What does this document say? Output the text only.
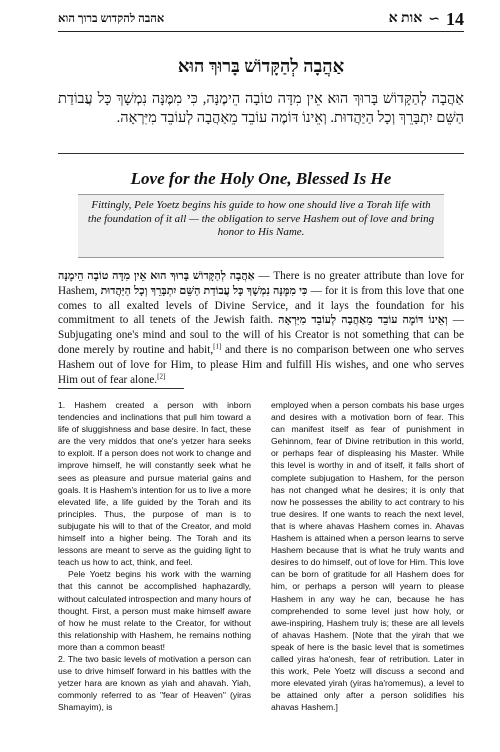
אהבה להקדוש ברוך הוא	אות א ∽ 14
אַהֲבָה לְהַקָּדוֹשׁ בָּרוּךְ הוּא
אַהֲבָה לְהַקָּדוֹשׁ בָּרוּךְ הוּא אֵין מִדָּה טוֹבָה הֵימֶנָּה, כִּי מִמֶּנָּה נִמְשָׁךְ כָּל עֲבוֹדַת הַשֵּׁם יִתְבָּרֵךְ וְכָל הַיַּהֲדוּת. וְאֵינוֹ דּוֹמֶה עוֹבֵד מֵאַהֲבָה לְעוֹבֵד מִיִּרְאָה.
Love for the Holy One, Blessed Is He
Fittingly, Pele Yoetz begins his guide to how one should live a Torah life with the foundation of it all — the obligation to serve Hashem out of love and bring honor to His Name.
אַהֲבָה לְהַקָּדוֹשׁ בָּרוּךְ הוּא אֵין מִדָּה טוֹבָה הֵימֶנָּה — There is no greater attribute than love for Hashem, כִּי מִמֶּנָּה נִמְשָׁךְ כָּל עֲבוֹדַת הַשֵּׁם יִתְבָּרֵךְ וְכָל הַיַּהֲדוּת — for it is from this love that one comes to all exalted levels of Divine Service, and it lays the foundation for his commitment to all tenets of the Jewish faith. וְאֵינוֹ דּוֹמֶה עוֹבֵד מֵאַהֲבָה לְעוֹבֵד מִיִּרְאָה — Subjugating one's mind and soul to the will of his Creator is not something that can be done merely by routine and habit,[1] and there is no comparison between one who serves Hashem out of love for Him, to please Him and fulfill His wishes, and one who serves Him out of fear alone.[2]

1. Hashem created a person with inborn tendencies and inclinations that pull him toward a life of sluggishness and base desire. In fact, these are the very middos that one's yetzer hara seeks to exploit. If a person does not work to change and improve himself, he will constantly seek what he sees as pleasure and pursue material gains and goals. It is Hashem's intention for us to live a more elevated life, a life guided by the Torah and its principles. Thus, the purpose of man is to subjugate his will to that of the Creator, and mold himself into a higher being. The Torah and its lessons are meant to serve as the guiding light to teach us how to act, think, and feel.

Pele Yoetz begins his work with the warning that this cannot be accomplished haphazardly, without calculated introspection and many hours of thought. First, a person must make himself aware of how he must relate to the Creator, for without this relationship with Hashem, he remains nothing more than a common beast!

2. The two basic levels of motivation a person can use to drive himself forward in his battles with the yetzer hara are known as yiah and ahavah. Yiah, commonly referred to as "fear of Heaven" (yiras Shamayim), is

employed when a person combats his base urges and desires with a motivation born of fear. This can manifest itself as fear of punishment in Gehinnom, fear of Divine retribution in this world, or perhaps fear of displeasing his Master. While this level is worthy in and of itself, it falls short of complete subjugation to Hashem, for the person has not changed what he desires; it is only that now he possesses the ability to act contrary to his true desires. If one wants to reach the next level, that is where ahavas Hashem comes in. Ahavas Hashem is attained when a person learns to serve Hashem because that is what he truly wants and desires to do himself, out of love for Him. This love can be born of gratitude for all Hashem does for him, or perhaps a person will yearn to please Hashem in any way he can, because he has comprehended to some level just how holy, or awe-inspiring, Hashem truly is; these are all levels of ahavas Hashem. [Note that the yirah that we speak of here is the basic level that is sometimes called yiras ha'onesh, fear of retribution. Later in this work, Pele Yoetz will discuss a second and more elevated yirah (yiras ha'romemus), a level to be attained only after a person solidifies his ahavas Hashem.]
